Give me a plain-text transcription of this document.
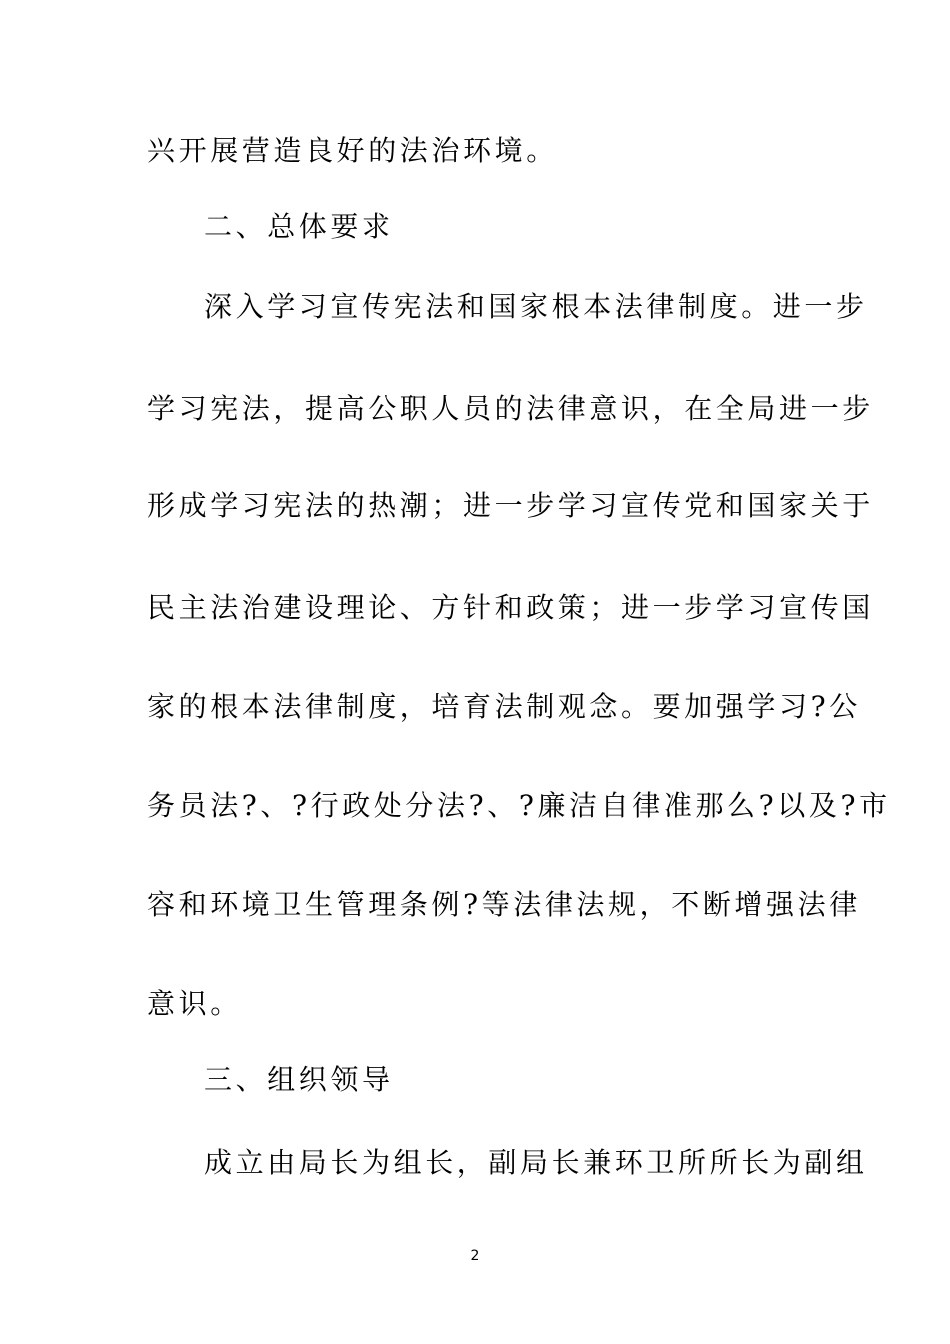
兴开展营造良好的法治环境。
二、总体要求
深入学习宣传宪法和国家根本法律制度。进一步
学习宪法，提高公职人员的法律意识，在全局进一步
形成学习宪法的热潮；进一步学习宣传党和国家关于
民主法治建设理论、方针和政策；进一步学习宣传国
家的根本法律制度，培育法制观念。要加强学习?公
务员法?、?行政处分法?、?廉洁自律准那么?以及?市
容和环境卫生管理条例?等法律法规，不断增强法律
意识。
三、组织领导
成立由局长为组长，副局长兼环卫所所长为副组
2
